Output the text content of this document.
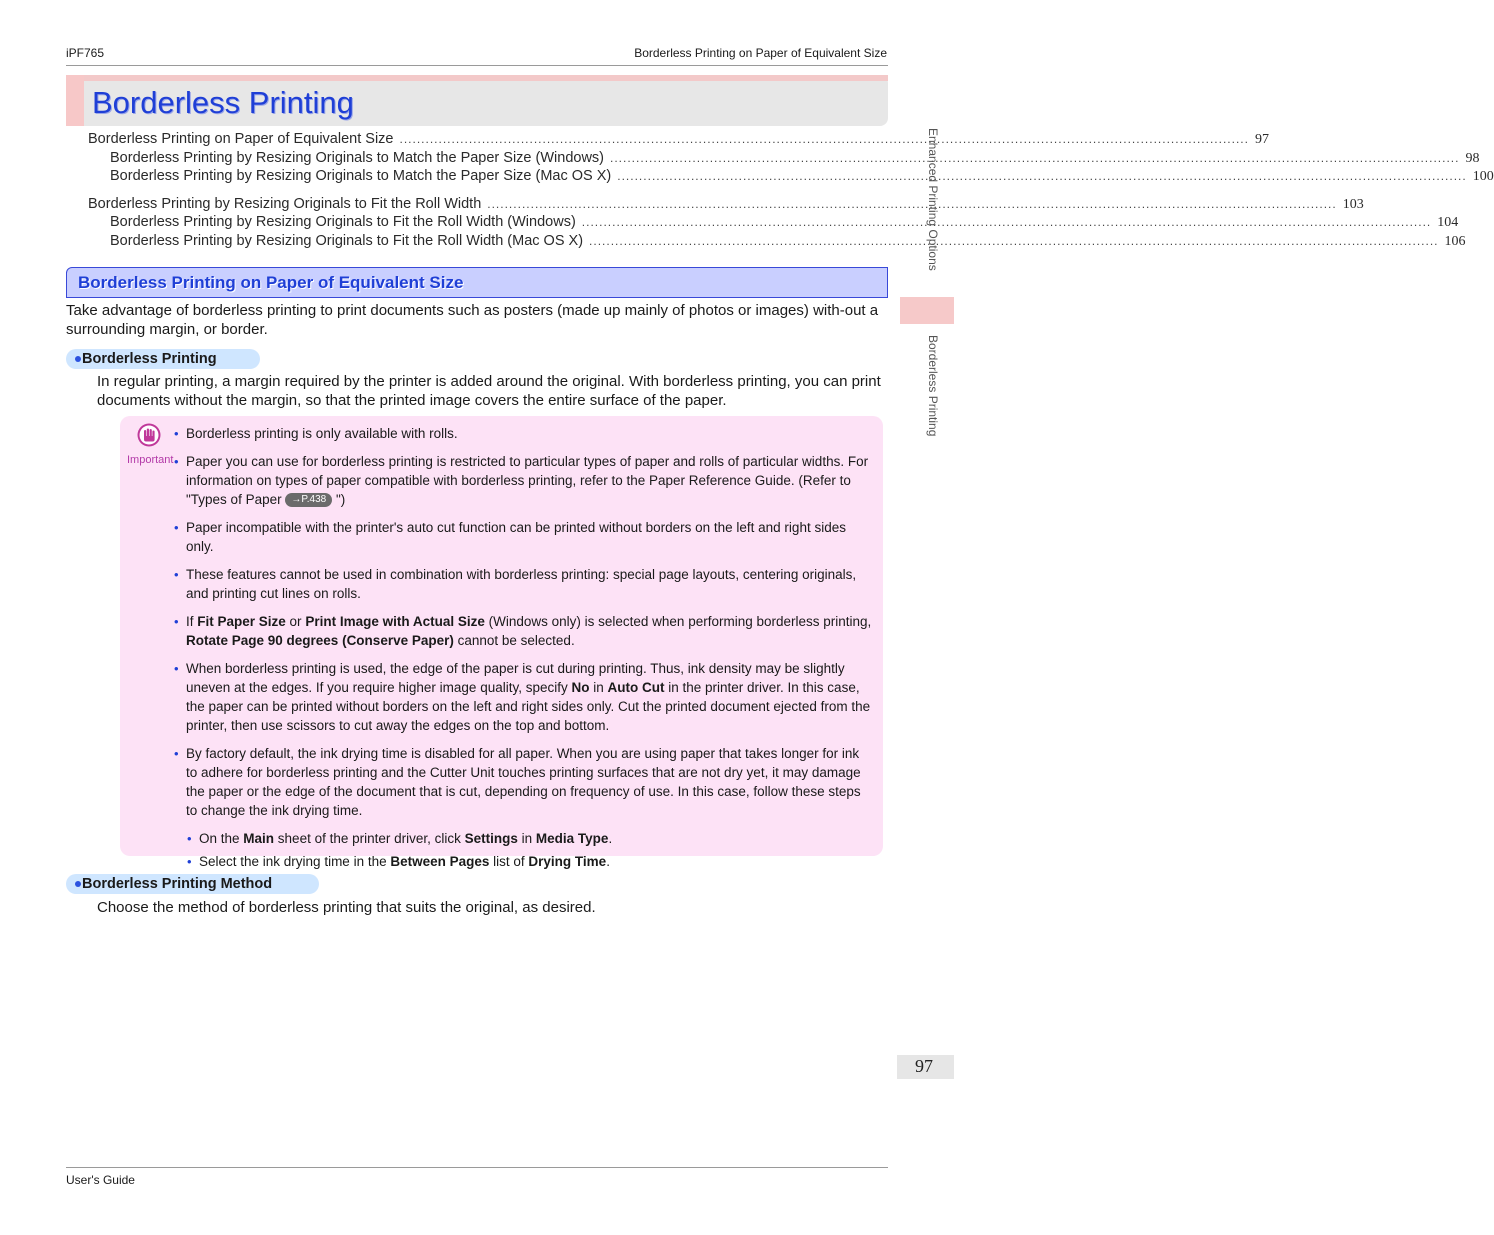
iPF765	Borderless Printing on Paper of Equivalent Size
Borderless Printing
Borderless Printing on Paper of Equivalent Size .................................................................................................................................................................................................... 97
Borderless Printing by Resizing Originals to Match the Paper Size (Windows) .................................................................................................................................................................................................... 98
Borderless Printing by Resizing Originals to Match the Paper Size (Mac OS X) .................................................................................................................................................................................................... 100
Borderless Printing by Resizing Originals to Fit the Roll Width .................................................................................................................................................................................................... 103
Borderless Printing by Resizing Originals to Fit the Roll Width (Windows) .................................................................................................................................................................................................... 104
Borderless Printing by Resizing Originals to Fit the Roll Width (Mac OS X) .................................................................................................................................................................................................... 106
Borderless Printing on Paper of Equivalent Size
Take advantage of borderless printing to print documents such as posters (made up mainly of photos or images) with-out a surrounding margin, or border.
Borderless Printing
In regular printing, a margin required by the printer is added around the original. With borderless printing, you can print documents without the margin, so that the printed image covers the entire surface of the paper.
Important
• Borderless printing is only available with rolls.
• Paper you can use for borderless printing is restricted to particular types of paper and rolls of particular widths. For information on types of paper compatible with borderless printing, refer to the Paper Reference Guide. (Refer to "Types of Paper →P.438 ")
• Paper incompatible with the printer's auto cut function can be printed without borders on the left and right sides only.
• These features cannot be used in combination with borderless printing: special page layouts, centering originals, and printing cut lines on rolls.
• If Fit Paper Size or Print Image with Actual Size (Windows only) is selected when performing borderless printing, Rotate Page 90 degrees (Conserve Paper) cannot be selected.
• When borderless printing is used, the edge of the paper is cut during printing. Thus, ink density may be slightly uneven at the edges. If you require higher image quality, specify No in Auto Cut in the printer driver. In this case, the paper can be printed without borders on the left and right sides only. Cut the printed document ejected from the printer, then use scissors to cut away the edges on the top and bottom.
• By factory default, the ink drying time is disabled for all paper. When you are using paper that takes longer for ink to adhere for borderless printing and the Cutter Unit touches printing surfaces that are not dry yet, it may damage the paper or the edge of the document that is cut, depending on frequency of use. In this case, follow these steps to change the ink drying time.
• On the Main sheet of the printer driver, click Settings in Media Type.
• Select the ink drying time in the Between Pages list of Drying Time.
Borderless Printing Method
Choose the method of borderless printing that suits the original, as desired.
Enhanced Printing Options
Borderless Printing
97
User's Guide
